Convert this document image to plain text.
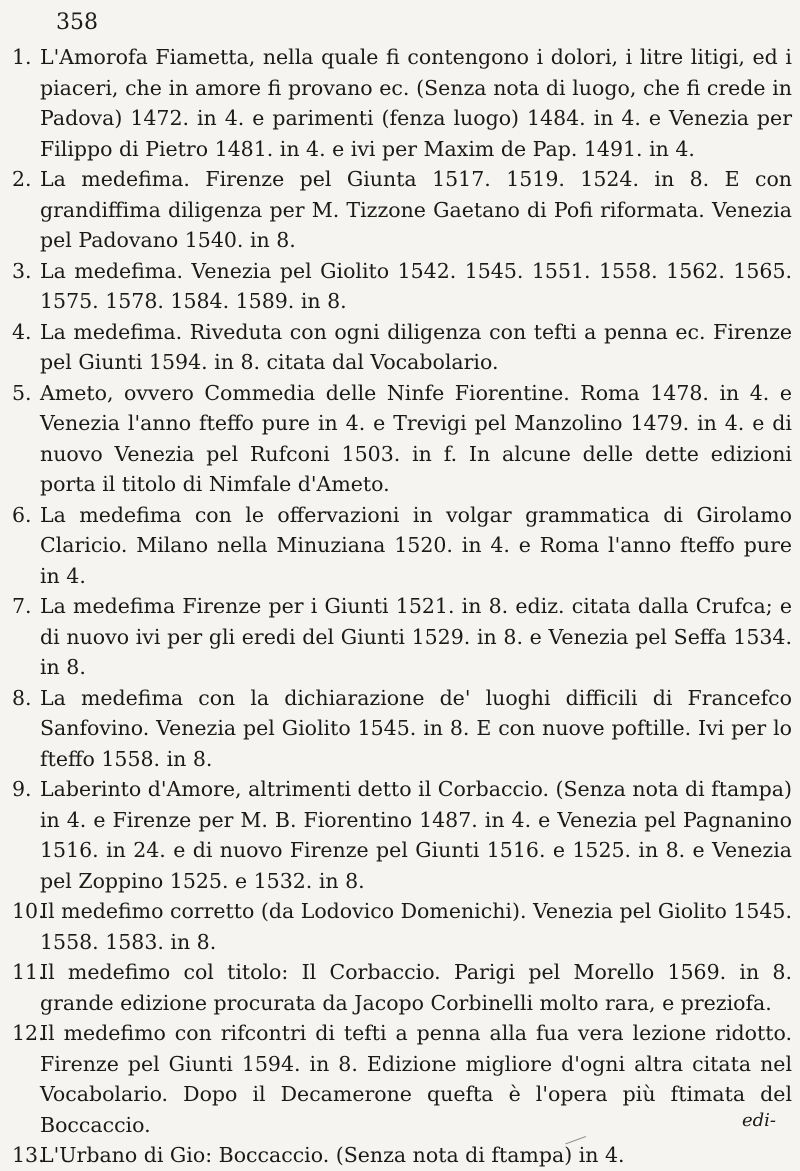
358
1. L'Amorofa Fiametta, nella quale fi contengono i dolori, i litre litigi, ed i piaceri, che in amore fi provano ec. (Senza nota di luogo, che fi crede in Padova) 1472. in 4. e parimenti (fenza luogo) 1484. in 4. e Venezia per Filippo di Pietro 1481. in 4. e ivi per Maxim de Pap. 1491. in 4.
2. La medefima. Firenze pel Giunta 1517. 1519. 1524. in 8. E con grandiffima diligenza per M. Tizzone Gaetano di Pofi riformata. Venezia pel Padovano 1540. in 8.
3. La medefima. Venezia pel Giolito 1542. 1545. 1551. 1558. 1562. 1565. 1575. 1578. 1584. 1589. in 8.
4. La medefima. Riveduta con ogni diligenza con tefti a penna ec. Firenze pel Giunti 1594. in 8. citata dal Vocabolario.
5. Ameto, ovvero Commedia delle Ninfe Fiorentine. Roma 1478. in 4. e Venezia l'anno fteffo pure in 4. e Trevigi pel Manzolino 1479. in 4. e di nuovo Venezia pel Rufconi 1503. in f. In alcune delle dette edizioni porta il titolo di Nimfale d'Ameto.
6. La medefima con le offervazioni in volgar grammatica di Girolamo Claricio. Milano nella Minuziana 1520. in 4. e Roma l'anno fteffo pure in 4.
7. La medefima Firenze per i Giunti 1521. in 8. ediz. citata dalla Crufca; e di nuovo ivi per gli eredi del Giunti 1529. in 8. e Venezia pel Seffa 1534. in 8.
8. La medefima con la dichiarazione de' luoghi difficili di Francefco Sanfovino. Venezia pel Giolito 1545. in 8. E con nuove poftille. Ivi per lo fteffo 1558. in 8.
9. Laberinto d'Amore, altrimenti detto il Corbaccio. (Senza nota di ftampa) in 4. e Firenze per M. B. Fiorentino 1487. in 4. e Venezia pel Pagnanino 1516. in 24. e di nuovo Firenze pel Giunti 1516. e 1525. in 8. e Venezia pel Zoppino 1525. e 1532. in 8.
10.Il medefimo corretto (da Lodovico Domenichi). Venezia pel Giolito 1545. 1558. 1583. in 8.
11.Il medefimo col titolo: Il Corbaccio. Parigi pel Morello 1569. in 8. grande edizione procurata da Jacopo Corbinelli molto rara, e preziofa.
12.Il medefimo con rifcontri di tefti a penna alla fua vera lezione ridotto. Firenze pel Giunti 1594. in 8. Edizione migliore d'ogni altra citata nel Vocabolario. Dopo il Decamerone quefta è l'opera più ftimata del Boccaccio.
13.L'Urbano di Gio: Boccaccio. (Senza nota di ftampa) in 4.
edi-
